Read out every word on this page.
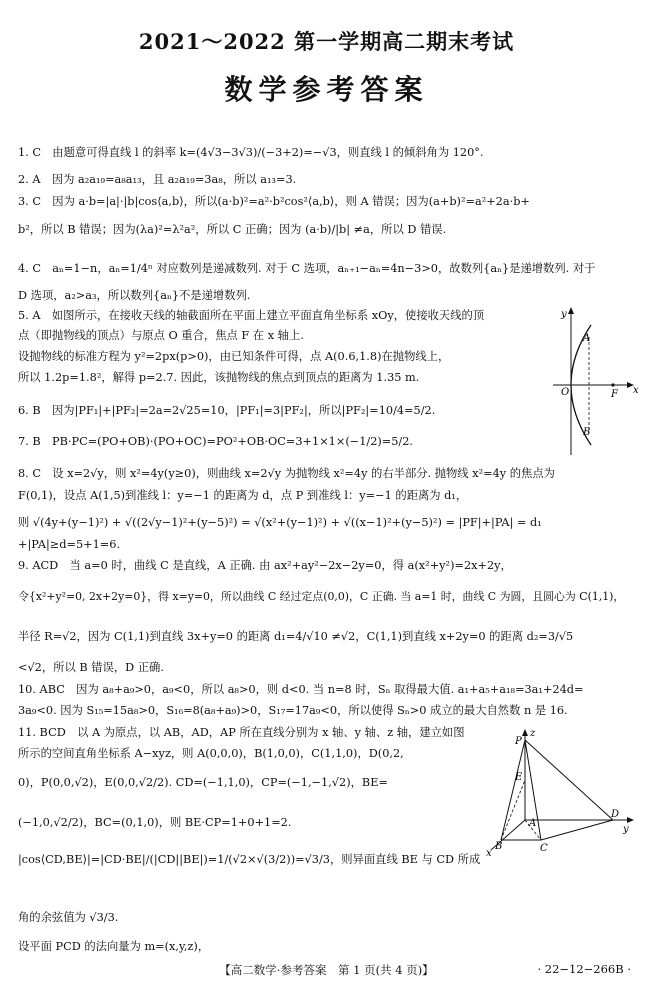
2021～2022 第一学期高二期末考试
数学参考答案
1. C　由题意可得直线 l 的斜率 k=(4√3−3√3)/(−3+2)=−√3，则直线 l 的倾斜角为 120°.
2. A　因为 a₂a₁₉=a₈a₁₃，且 a₂a₁₉=3a₈，所以 a₁₃=3.
3. C　因为 a·b=|a|·|b|cos⟨a,b⟩，所以(a·b)²=a²·b²cos²⟨a,b⟩，则 A 错误；因为(a+b)²=a²+2a·b+
b²，所以 B 错误；因为(λa)²=λ²a²，所以 C 正确；因为 (a·b)/|b| ≠a，所以 D 错误.
4. C　aₙ=1−n，aₙ=1/4ⁿ 对应数列是递减数列. 对于 C 选项，aₙ₊₁−aₙ=4n−3>0，故数列{aₙ}是递增数列. 对于
D 选项，a₂>a₃，所以数列{aₙ}不是递增数列.
5. A　如图所示，在接收天线的轴截面所在平面上建立平面直角坐标系 xOy，使接收天线的顶
点（即抛物线的顶点）与原点 O 重合，焦点 F 在 x 轴上.
设抛物线的标准方程为 y²=2px(p>0)，由已知条件可得，点 A(0.6,1.8)在抛物线上，
所以 1.2p=1.8²，解得 p=2.7. 因此，该抛物线的焦点到顶点的距离为 1.35 m.
6. B　因为|PF₁|+|PF₂|=2a=2√25=10，|PF₁|=3|PF₂|，所以|PF₂|=10/4=5/2.
7. B　PB·PC=(PO+OB)·(PO+OC)=PO²+OB·OC=3+1×1×(−1/2)=5/2.
8. C　设 x=2√y，则 x²=4y(y≥0)，则曲线 x=2√y 为抛物线 x²=4y 的右半部分. 抛物线 x²=4y 的焦点为
F(0,1)，设点 A(1,5)到准线 l：y=−1 的距离为 d，点 P 到准线 l：y=−1 的距离为 d₁，
则 √(4y+(y−1)²) + √((2√y−1)²+(y−5)²) = √(x²+(y−1)²) + √((x−1)²+(y−5)²) = |PF|+|PA| = d₁
+|PA|≥d=5+1=6.
9. ACD　当 a=0 时，曲线 C 是直线，A 正确. 由 ax²+ay²−2x−2y=0，得 a(x²+y²)=2x+2y，
令{x²+y²=0, 2x+2y=0}，得 x=y=0，所以曲线 C 经过定点(0,0)，C 正确. 当 a=1 时，曲线 C 为圆，且圆心为 C(1,1)，
半径 R=√2，因为 C(1,1)到直线 3x+y=0 的距离 d₁=4/√10 ≠√2，C(1,1)到直线 x+2y=0 的距离 d₂=3/√5
<√2，所以 B 错误，D 正确.
10. ABC　因为 a₈+a₉>0，a₉<0，所以 a₈>0，则 d<0. 当 n=8 时，Sₙ 取得最大值. a₁+a₅+a₁₈=3a₁+24d=
3a₉<0. 因为 S₁₅=15a₈>0，S₁₆=8(a₈+a₉)>0，S₁₇=17a₉<0，所以使得 Sₙ>0 成立的最大自然数 n 是 16.
11. BCD　以 A 为原点，以 AB，AD，AP 所在直线分别为 x 轴、y 轴、z 轴，建立如图
所示的空间直角坐标系 A−xyz，则 A(0,0,0)，B(1,0,0)，C(1,1,0)，D(0,2,
0)，P(0,0,√2)，E(0,0,√2/2). CD=(−1,1,0)，CP=(−1,−1,√2)，BE=
(−1,0,√2/2)，BC=(0,1,0)，则 BE·CP=1+0+1=2.
|cos⟨CD,BE⟩|=|CD·BE|/(|CD||BE|)=1/(√2×√(3/2))=√3/3，则异面直线 BE 与 CD 所成
角的余弦值为 √3/3.
设平面 PCD 的法向量为 m=(x,y,z)，
y
A
O	F x
B
z
P
E
A
D
y
B	C
x
【高二数学·参考答案　第 1 页(共 4 页)】	· 22−12−266B ·
